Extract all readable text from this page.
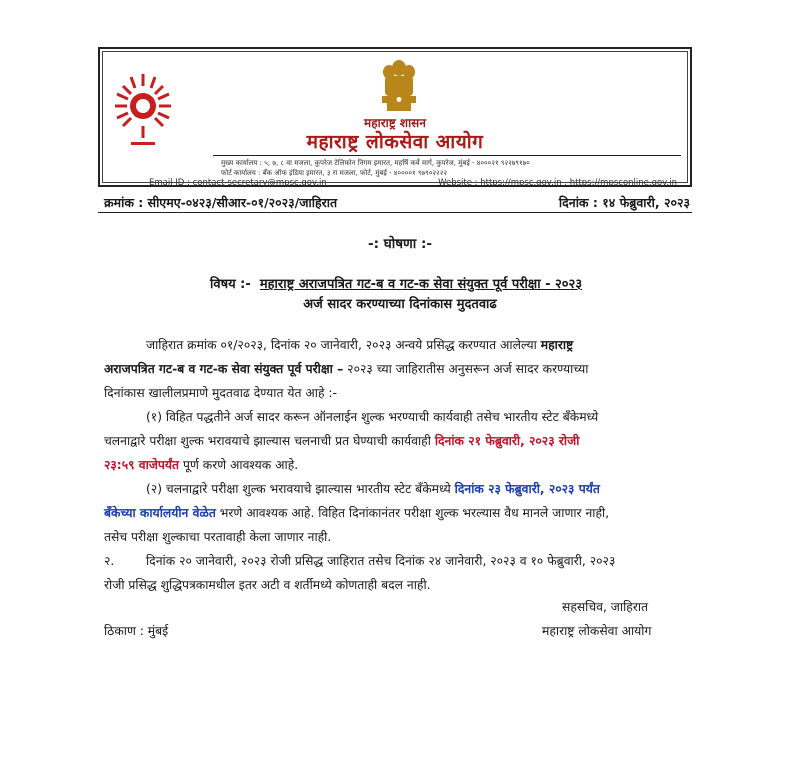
महाराष्ट्र शासन
महाराष्ट्र लोकसेवा आयोग
मुख्य कार्यालय : ५, ७, ८ वा मजला, कुपरेज टेलिफोन निगम इमारत, महर्षि कर्वे मार्ग, कुपरेज, मुंबई - ४०००२१ ९२२७९१७०
फोर्ट कार्यालय : बँक ऑफ इंडिया इमारत, ३ रा मजला, फोर्ट, मुंबई - ४००००१ ९७९०२२२२
Email ID : contact-secretary@mpsc.gov.in	Website : https://mpsc.gov.in , https://mpsconline.gov.in
क्रमांक : सीएमए-०४२३/सीआर-०१/२०२३/जाहिरात	दिनांक : १४ फेब्रुवारी, २०२३
-: घोषणा :-
विषय :- महाराष्ट्र अराजपत्रित गट-ब व गट-क सेवा संयुक्त पूर्व परीक्षा - २०२३
अर्ज सादर करण्याच्या दिनांकास मुदतवाढ
जाहिरात क्रमांक ०१/२०२३, दिनांक २० जानेवारी, २०२३ अन्वये प्रसिद्ध करण्यात आलेल्या महाराष्ट्र
अराजपत्रित गट-ब व गट-क सेवा संयुक्त पूर्व परीक्षा – २०२३ च्या जाहिरातीस अनुसरून अर्ज सादर करण्याच्या
दिनांकास खालीलप्रमाणे मुदतवाढ देण्यात येत आहे :-
(१) विहित पद्धतीने अर्ज सादर करून ऑनलाईन शुल्क भरण्याची कार्यवाही तसेच भारतीय स्टेट बँकेमध्ये
चलनाद्वारे परीक्षा शुल्क भरावयाचे झाल्यास चलनाची प्रत घेण्याची कार्यवाही दिनांक २१ फेब्रुवारी, २०२३ रोजी
२३:५९ वाजेपर्यंत पूर्ण करणे आवश्यक आहे.
(२) चलनाद्वारे परीक्षा शुल्क भरावयाचे झाल्यास भारतीय स्टेट बँकेमध्ये दिनांक २३ फेब्रुवारी, २०२३ पर्यंत
बँकेच्या कार्यालयीन वेळेत भरणे आवश्यक आहे. विहित दिनांकानंतर परीक्षा शुल्क भरल्यास वैध मानले जाणार नाही,
तसेच परीक्षा शुल्काचा परतावाही केला जाणार नाही.
२.	दिनांक २० जानेवारी, २०२३ रोजी प्रसिद्ध जाहिरात तसेच दिनांक २४ जानेवारी, २०२३ व १० फेब्रुवारी, २०२३
रोजी प्रसिद्ध शुद्धिपत्रकामधील इतर अटी व शर्तीमध्ये कोणताही बदल नाही.
सहसचिव, जाहिरात
महाराष्ट्र लोकसेवा आयोग
ठिकाण : मुंबई
